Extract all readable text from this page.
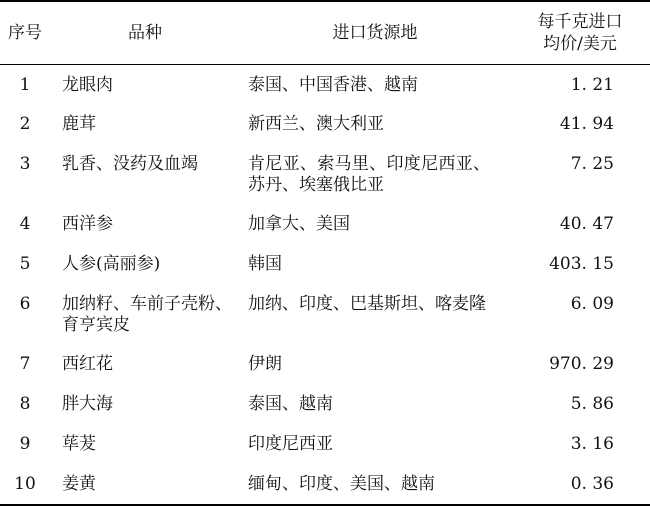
序号	品种	进口货源地	每千克进口
均价/美元

1	龙眼肉	泰国、中国香港、越南	1. 21
2	鹿茸	新西兰、澳大利亚	41. 94
3	乳香、没药及血竭	肯尼亚、索马里、印度尼西亚、苏丹、埃塞俄比亚	7. 25
4	西洋参	加拿大、美国	40. 47
5	人参(高丽参)	韩国	403. 15
6	加纳籽、车前子壳粉、育亨宾皮	加纳、印度、巴基斯坦、喀麦隆	6. 09
7	西红花	伊朗	970. 29
8	胖大海	泰国、越南	5. 86
9	荜茇	印度尼西亚	3. 16
10	姜黄	缅甸、印度、美国、越南	0. 36
